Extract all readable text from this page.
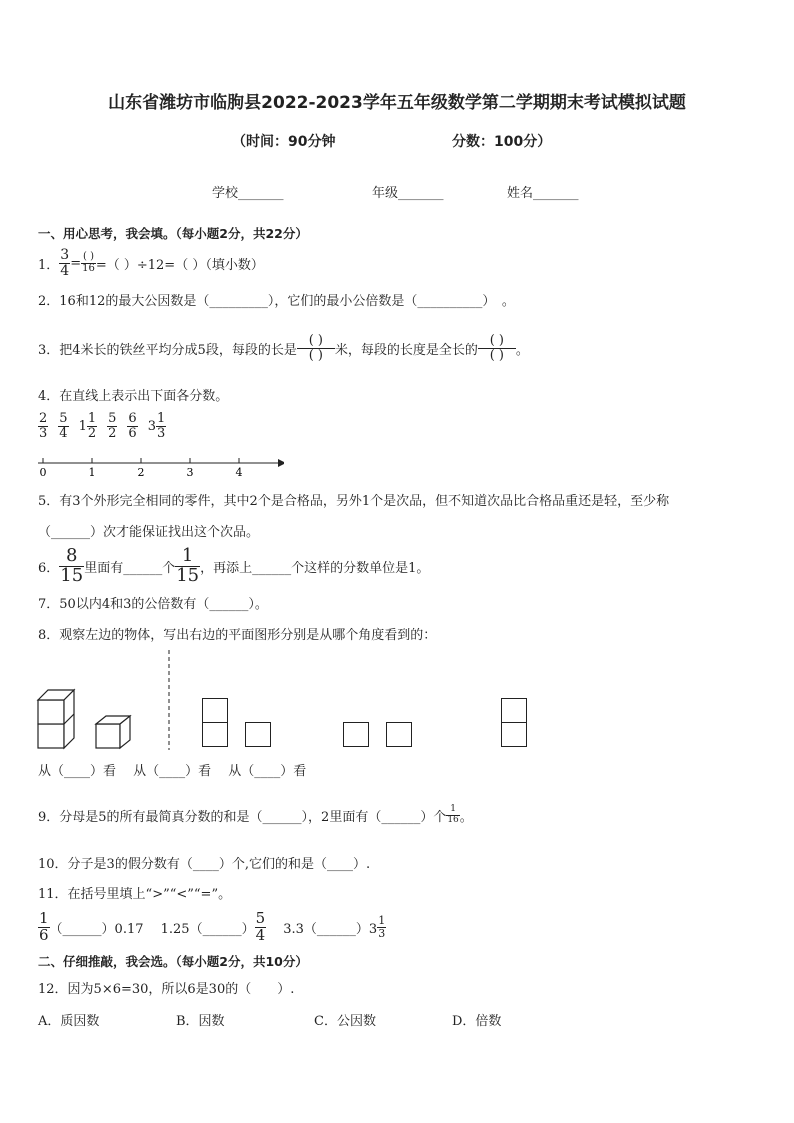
山东省潍坊市临朐县2022-2023学年五年级数学第二学期期末考试模拟试题
（时间：90分钟	分数：100分）
学校_______	年级_______	姓名_______
一、用心思考，我会填。（每小题2分，共22分）
1． $\frac{3}{4} = \frac{( )}{16}$ =（ ）÷12=（ ）（填小数）
2．16和12的最大公因数是（_________），它们的最小公倍数是（__________）　。
3．把4米长的铁丝平均分成5段，每段的长是 $\frac{( )}{( )}$ 米，每段的长度是全长的 $\frac{( )}{( )}$ 。
4．在直线上表示出下面各分数。
$\frac{2}{3} \frac{5}{4} 1 \frac{1}{2} \frac{5}{2} \frac{6}{6} 3 \frac{1}{3}$
0	1	2	3	4
5．有3个外形完全相同的零件，其中2个是合格品，另外1个是次品，但不知道次品比合格品重还是轻，至少称
（______）次才能保证找出这个次品。
6． $\frac{8}{15}$ 里面有______个 $\frac{1}{15}$ ，再添上______个这样的分数单位是1。
7．50以内4和3的公倍数有（______）。
8．观察左边的物体，写出右边的平面图形分别是从哪个角度看到的：
从（____）看　 从（____）看　 从（____）看
9．分母是5的所有最简真分数的和是（______），2里面有（______）个 $\frac{1}{16}$ 。
10．分子是3的假分数有（____）个,它们的和是（____）.
11．在括号里填上“>”“<”“=”。
$\frac{1}{6}$ （______）0.17　 1.25（______） $\frac{5}{4}$ 　 3.3（______）3 $\frac{1}{3}$
二、仔细推敲，我会选。（每小题2分，共10分）
12．因为5×6=30，所以6是30的（　　）.
A．质因数	B．因数	C．公因数	D．倍数
